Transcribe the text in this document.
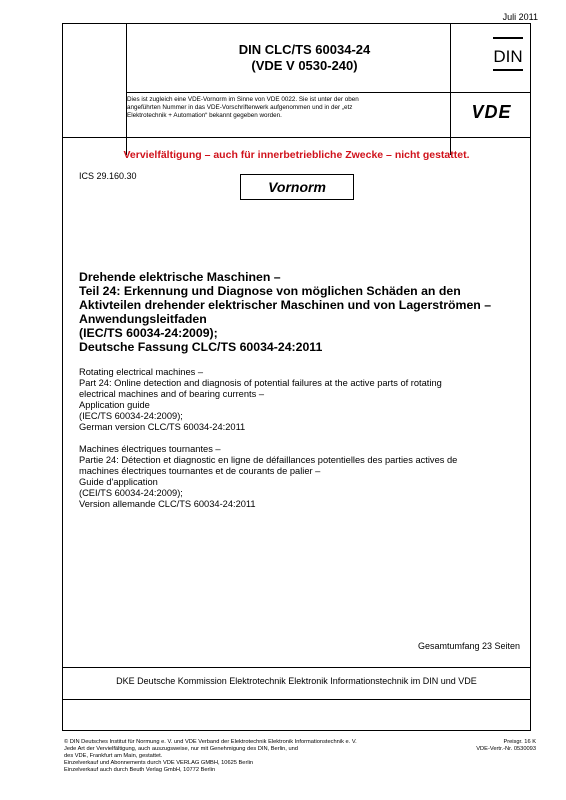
Juli 2011
DIN CLC/TS 60034-24
(VDE V 0530-240)	DIN
Dies ist zugleich eine VDE-Vornorm im Sinne von VDE 0022. Sie ist unter der oben
angeführten Nummer in das VDE-Vorschriftenwerk aufgenommen und in der „etz
Elektrotechnik + Automation“ bekannt gegeben worden.	VDE
Vervielfältigung – auch für innerbetriebliche Zwecke – nicht gestattet.
ICS 29.160.30
Vornorm
Drehende elektrische Maschinen –
Teil 24: Erkennung und Diagnose von möglichen Schäden an den
Aktivteilen drehender elektrischer Maschinen und von Lagerströmen –
Anwendungsleitfaden
(IEC/TS 60034-24:2009);
Deutsche Fassung CLC/TS 60034-24:2011
Rotating electrical machines –
Part 24: Online detection and diagnosis of potential failures at the active parts of rotating
electrical machines and of bearing currents –
Application guide
(IEC/TS 60034-24:2009);
German version CLC/TS 60034-24:2011
Machines électriques tournantes –
Partie 24: Détection et diagnostic en ligne de défaillances potentielles des parties actives de
machines électriques tournantes et de courants de palier –
Guide d'application
(CEI/TS 60034-24:2009);
Version allemande CLC/TS 60034-24:2011
Gesamtumfang 23 Seiten
DKE Deutsche Kommission Elektrotechnik Elektronik Informationstechnik im DIN und VDE
© DIN Deutsches Institut für Normung e. V. und VDE Verband der Elektrotechnik Elektronik Informationstechnik e. V.
Jede Art der Vervielfältigung, auch auszugsweise, nur mit Genehmigung des DIN, Berlin, und
des VDE, Frankfurt am Main, gestattet.
Einzelverkauf und Abonnements durch VDE VERLAG GMBH, 10625 Berlin
Einzelverkauf auch durch Beuth Verlag GmbH, 10772 Berlin
Preisgr. 16 K
VDE-Vertr.-Nr. 0530093
